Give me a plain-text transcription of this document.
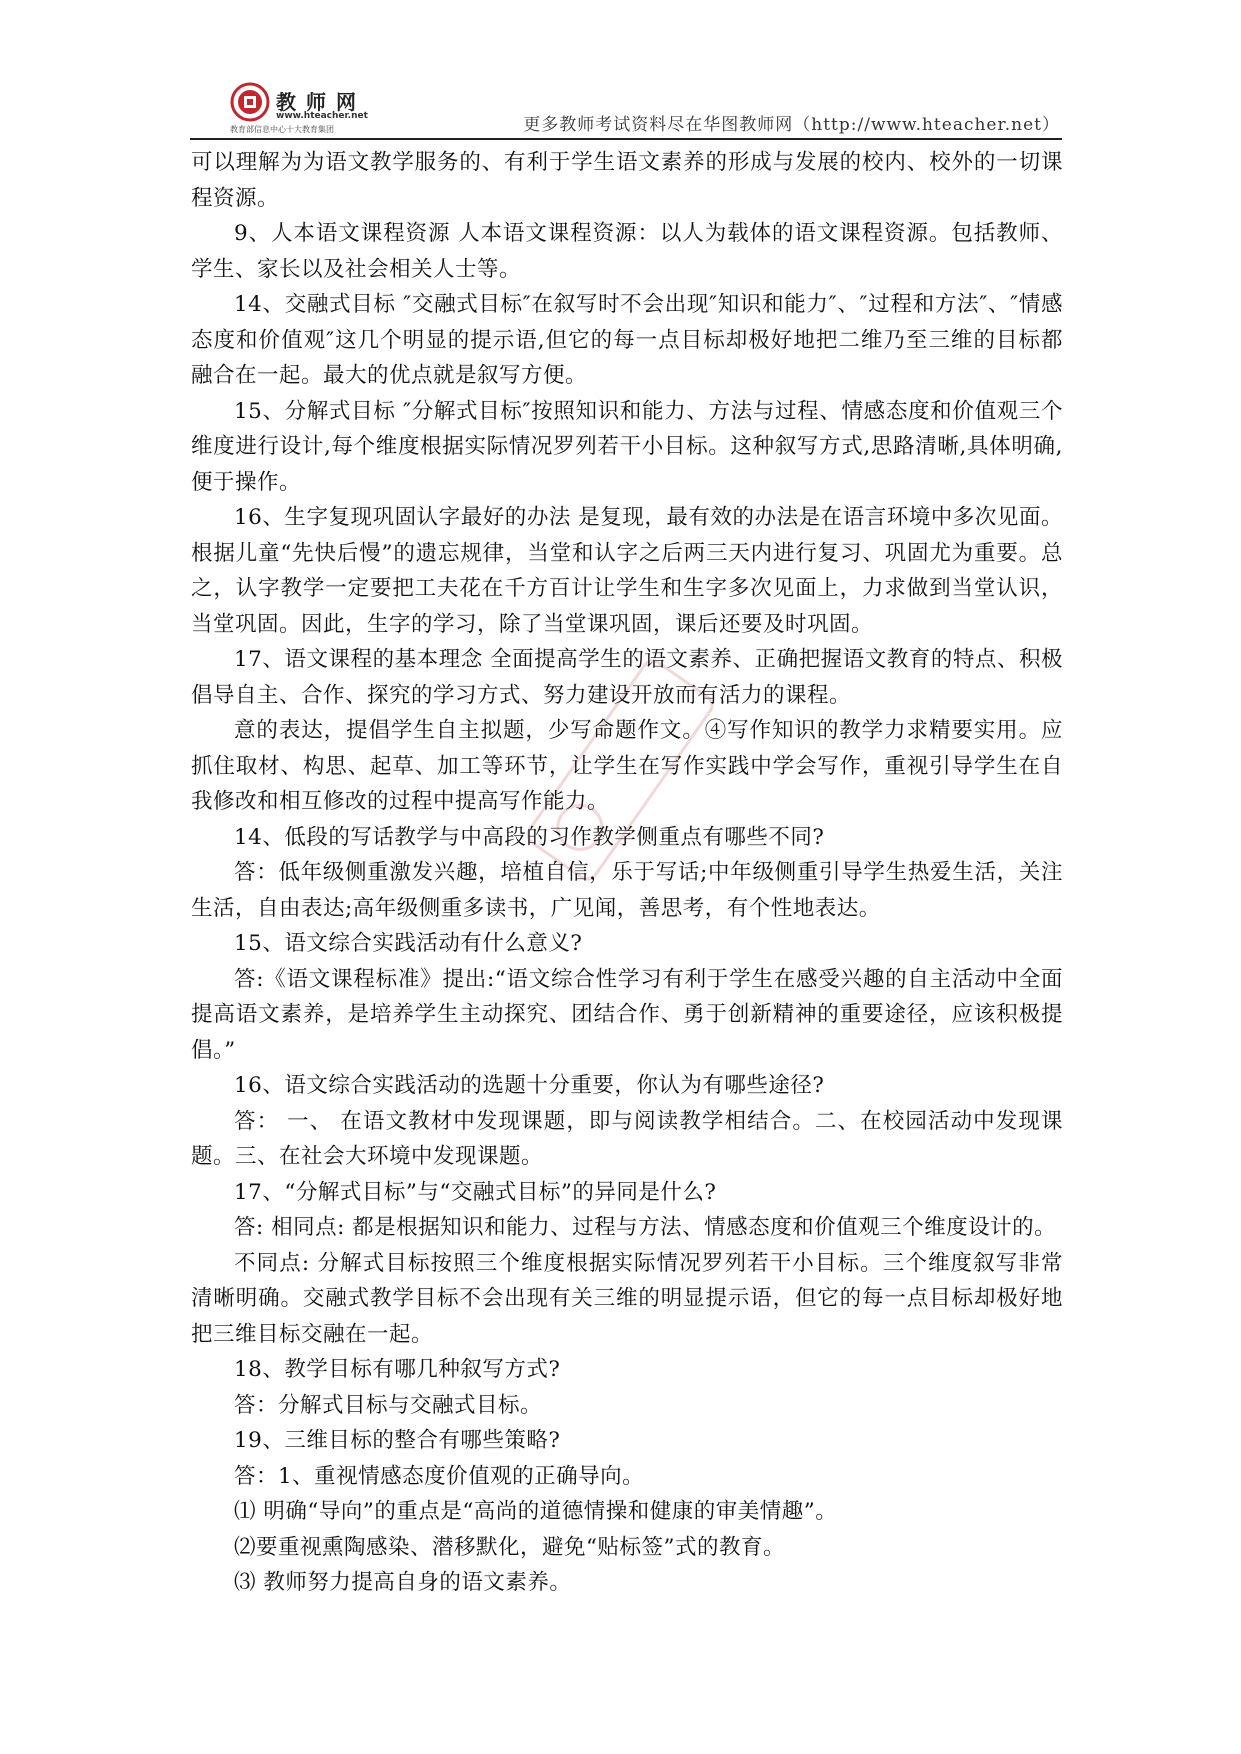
教师网
www.hteacher.net
教育部信息中心十大教育集团	更多教师考试资料尽在华图教师网（http://www.hteacher.net）

可以理解为为语文教学服务的、有利于学生语文素养的形成与发展的校内、校外的一切课程资源。

9、人本语文课程资源 人本语文课程资源：以人为载体的语文课程资源。包括教师、学生、家长以及社会相关人士等。

14、交融式目标 ″交融式目标″在叙写时不会出现″知识和能力″、″过程和方法″、″情感态度和价值观″这几个明显的提示语,但它的每一点目标却极好地把二维乃至三维的目标都融合在一起。最大的优点就是叙写方便。

15、分解式目标 ″分解式目标″按照知识和能力、方法与过程、情感态度和价值观三个维度进行设计,每个维度根据实际情况罗列若干小目标。这种叙写方式,思路清晰,具体明确,便于操作。

16、生字复现巩固认字最好的办法 是复现，最有效的办法是在语言环境中多次见面。根据儿童“先快后慢”的遗忘规律，当堂和认字之后两三天内进行复习、巩固尤为重要。总之，认字教学一定要把工夫花在千方百计让学生和生字多次见面上，力求做到当堂认识，当堂巩固。因此，生字的学习，除了当堂课巩固，课后还要及时巩固。

17、语文课程的基本理念 全面提高学生的语文素养、正确把握语文教育的特点、积极倡导自主、合作、探究的学习方式、努力建设开放而有活力的课程。

意的表达，提倡学生自主拟题，少写命题作文。④写作知识的教学力求精要实用。应抓住取材、构思、起草、加工等环节，让学生在写作实践中学会写作，重视引导学生在自我修改和相互修改的过程中提高写作能力。

14、低段的写话教学与中高段的习作教学侧重点有哪些不同?

答：低年级侧重激发兴趣，培植自信，乐于写话;中年级侧重引导学生热爱生活，关注生活，自由表达;高年级侧重多读书，广见闻，善思考，有个性地表达。

15、语文综合实践活动有什么意义?

答:《语文课程标准》提出:“语文综合性学习有利于学生在感受兴趣的自主活动中全面提高语文素养，是培养学生主动探究、团结合作、勇于创新精神的重要途径，应该积极提倡。”

16、语文综合实践活动的选题十分重要，你认为有哪些途径?

答： 一、 在语文教材中发现课题，即与阅读教学相结合。二、在校园活动中发现课题。三、在社会大环境中发现课题。

17、“分解式目标”与“交融式目标”的异同是什么?

答: 相同点: 都是根据知识和能力、过程与方法、情感态度和价值观三个维度设计的。

不同点: 分解式目标按照三个维度根据实际情况罗列若干小目标。三个维度叙写非常清晰明确。交融式教学目标不会出现有关三维的明显提示语，但它的每一点目标却极好地把三维目标交融在一起。

18、教学目标有哪几种叙写方式?

答：分解式目标与交融式目标。

19、三维目标的整合有哪些策略?

答：1、重视情感态度价值观的正确导向。

⑴ 明确“导向”的重点是“高尚的道德情操和健康的审美情趣”。

⑵要重视熏陶感染、潜移默化，避免“贴标签”式的教育。

⑶ 教师努力提高自身的语文素养。
